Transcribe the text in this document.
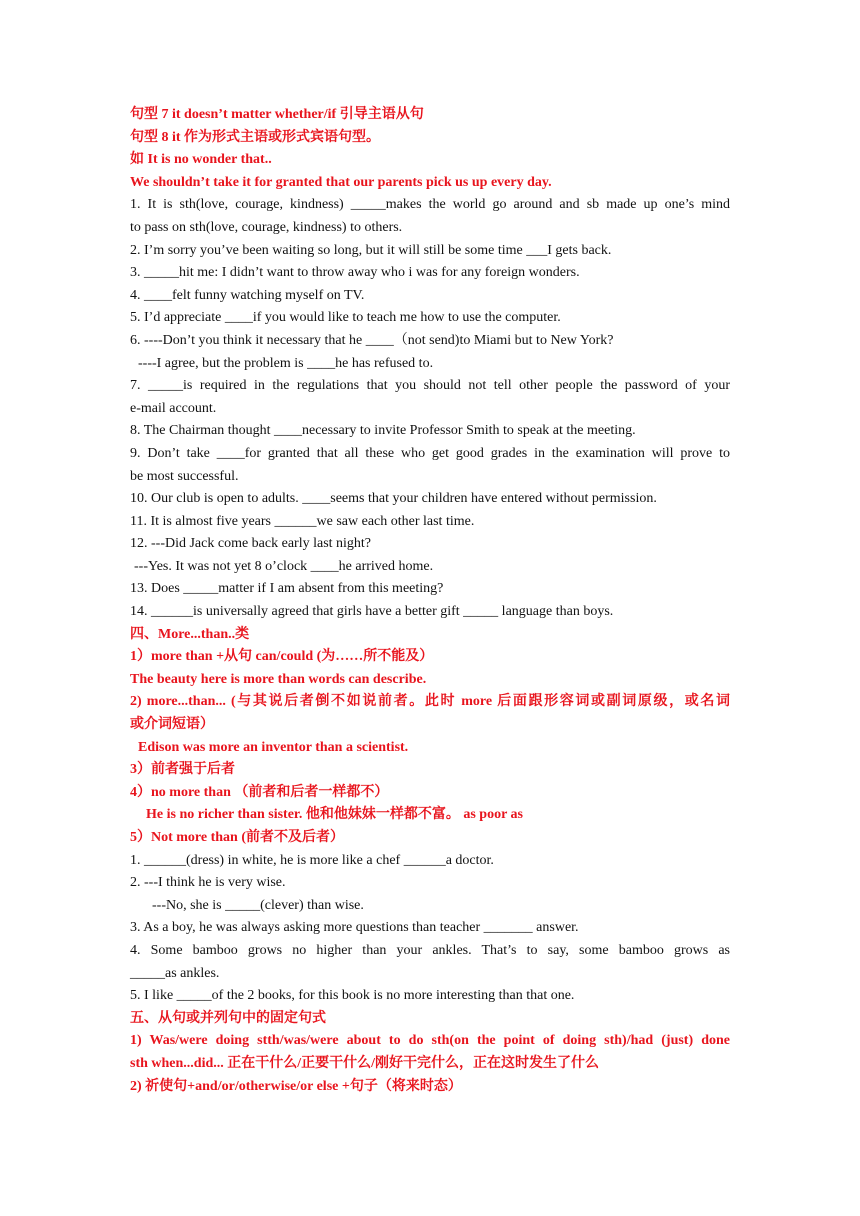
句型 7 it doesn’t matter whether/if 引导主语从句
句型 8 it 作为形式主语或形式宾语句型。
如 It is no wonder that..
We shouldn’t take it for granted that our parents pick us up every day.
1. It is sth(love, courage, kindness) _____makes the world go around and sb made up one’s mind
to pass on sth(love, courage, kindness) to others.
2. I’m sorry you’ve been waiting so long, but it will still be some time ___I gets back.
3. _____hit me: I didn’t want to throw away who i was for any foreign wonders.
4. ____felt funny watching myself on TV.
5. I’d appreciate ____if you would like to teach me how to use the computer.
6. ----Don’t you think it necessary that he ____（not send)to Miami but to New York?
----I agree, but the problem is ____he has refused to.
7. _____is required in the regulations that you should not tell other people the password of your
e-mail account.
8. The Chairman thought ____necessary to invite Professor Smith to speak at the meeting.
9. Don’t take ____for granted that all these who get good grades in the examination will prove to
be most successful.
10. Our club is open to adults. ____seems that your children have entered without permission.
11. It is almost five years ______we saw each other last time.
12. ---Did Jack come back early last night?
---Yes. It was not yet 8 o’clock ____he arrived home.
13. Does _____matter if I am absent from this meeting?
14. ______is universally agreed that girls have a better gift _____ language than boys.
四、More...than..类
1）more than +从句 can/could (为……所不能及）
The beauty here is more than words can describe.
2) more...than... (与其说后者倒不如说前者。此时 more 后面跟形容词或副词原级，或名词
或介词短语）
Edison was more an inventor than a scientist.
3）前者强于后者
4）no more than （前者和后者一样都不）
He is no richer than sister. 他和他妹妹一样都不富。 as poor as
5）Not more than (前者不及后者）
1. ______(dress) in white, he is more like a chef ______a doctor.
2. ---I think he is very wise.
---No, she is _____(clever) than wise.
3. As a boy, he was always asking more questions than teacher _______ answer.
4. Some bamboo grows no higher than your ankles. That’s to say, some bamboo grows as
_____as ankles.
5. I like _____of the 2 books, for this book is no more interesting than that one.
五、从句或并列句中的固定句式
1) Was/were doing stth/was/were about to do sth(on the point of doing sth)/had (just) done
sth when...did... 正在干什么/正要干什么/刚好干完什么，正在这时发生了什么
2) 祈使句+and/or/otherwise/or else +句子（将来时态）
